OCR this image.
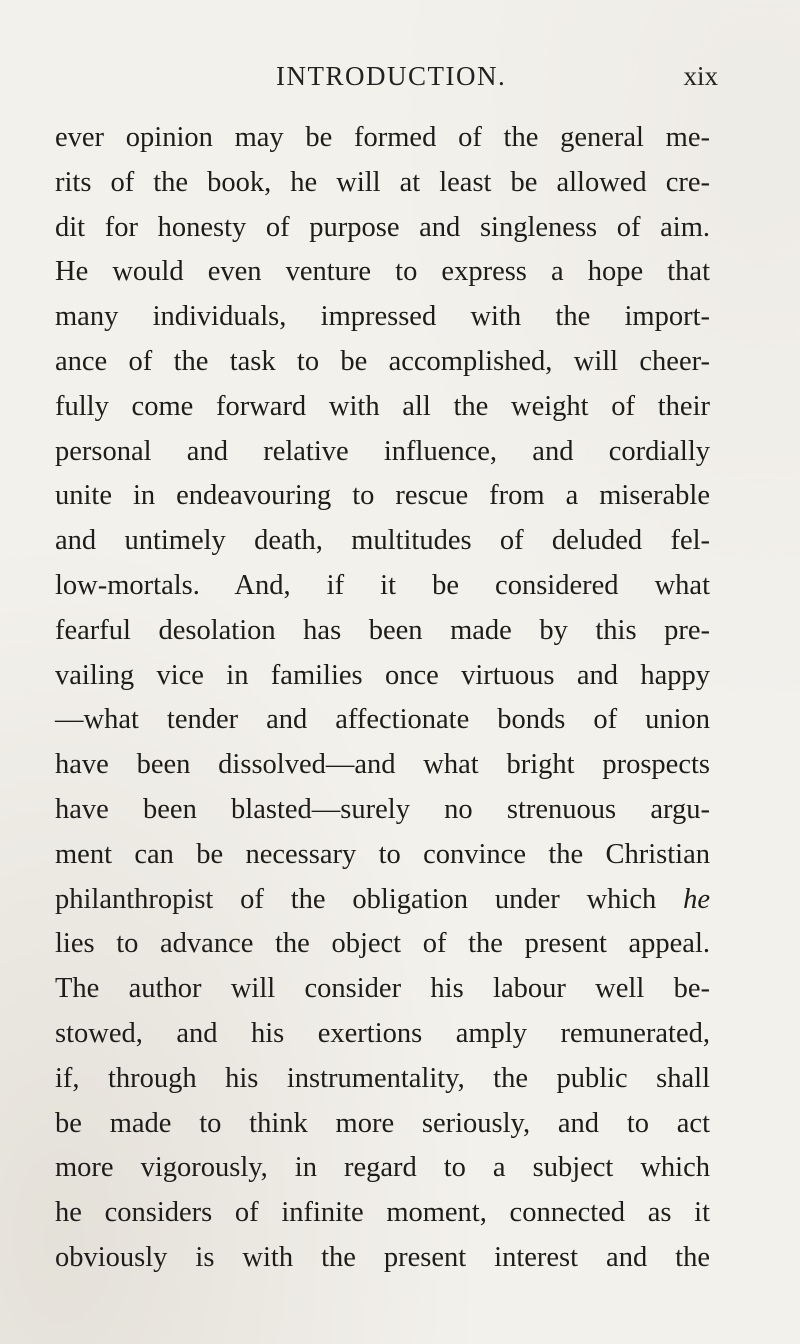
INTRODUCTION.	xix
ever opinion may be formed of the general me-
rits of the book, he will at least be allowed cre-
dit for honesty of purpose and singleness of aim.
He would even venture to express a hope that
many individuals, impressed with the import-
ance of the task to be accomplished, will cheer-
fully come forward with all the weight of their
personal and relative influence, and cordially
unite in endeavouring to rescue from a miserable
and untimely death, multitudes of deluded fel-
low-mortals. And, if it be considered what
fearful desolation has been made by this pre-
vailing vice in families once virtuous and happy
—what tender and affectionate bonds of union
have been dissolved—and what bright prospects
have been blasted—surely no strenuous argu-
ment can be necessary to convince the Christian
philanthropist of the obligation under which he
lies to advance the object of the present appeal.
The author will consider his labour well be-
stowed, and his exertions amply remunerated,
if, through his instrumentality, the public shall
be made to think more seriously, and to act
more vigorously, in regard to a subject which
he considers of infinite moment, connected as it
obviously is with the present interest and the
